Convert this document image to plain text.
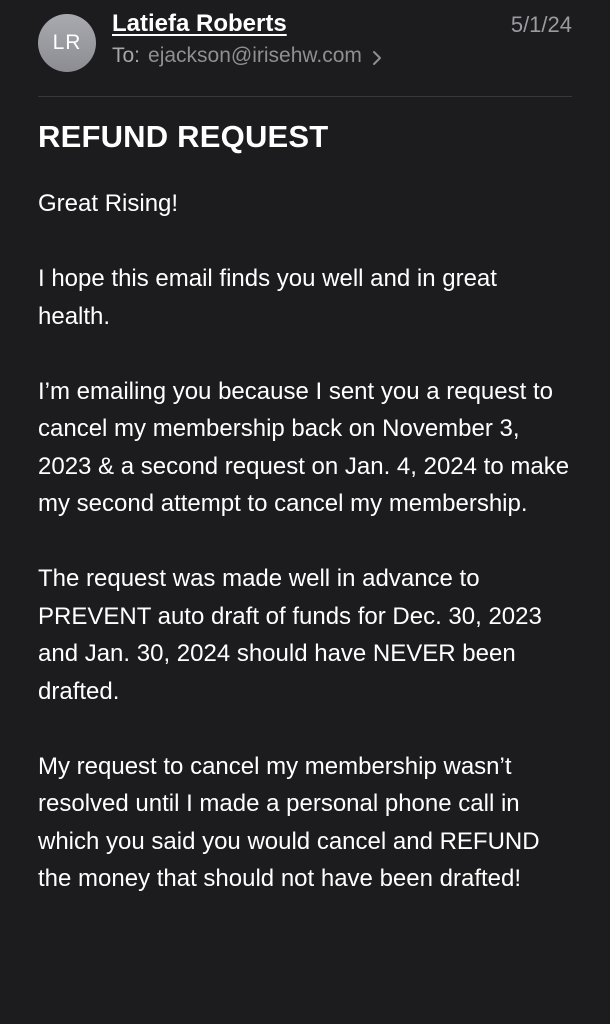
LR
Latiefa Roberts	5/1/24
To: ejackson@irisehw.com
REFUND REQUEST

Great Rising!

I hope this email finds you well and in great health.

I’m emailing you because I sent you a request to cancel my membership back on November 3, 2023 & a second request on Jan. 4, 2024 to make my second attempt to cancel my membership.

The request was made well in advance to PREVENT auto draft of funds for Dec. 30, 2023 and Jan. 30, 2024 should have NEVER been drafted.

My request to cancel my membership wasn’t resolved until I made a personal phone call in which you said you would cancel and REFUND the money that should not have been drafted!
